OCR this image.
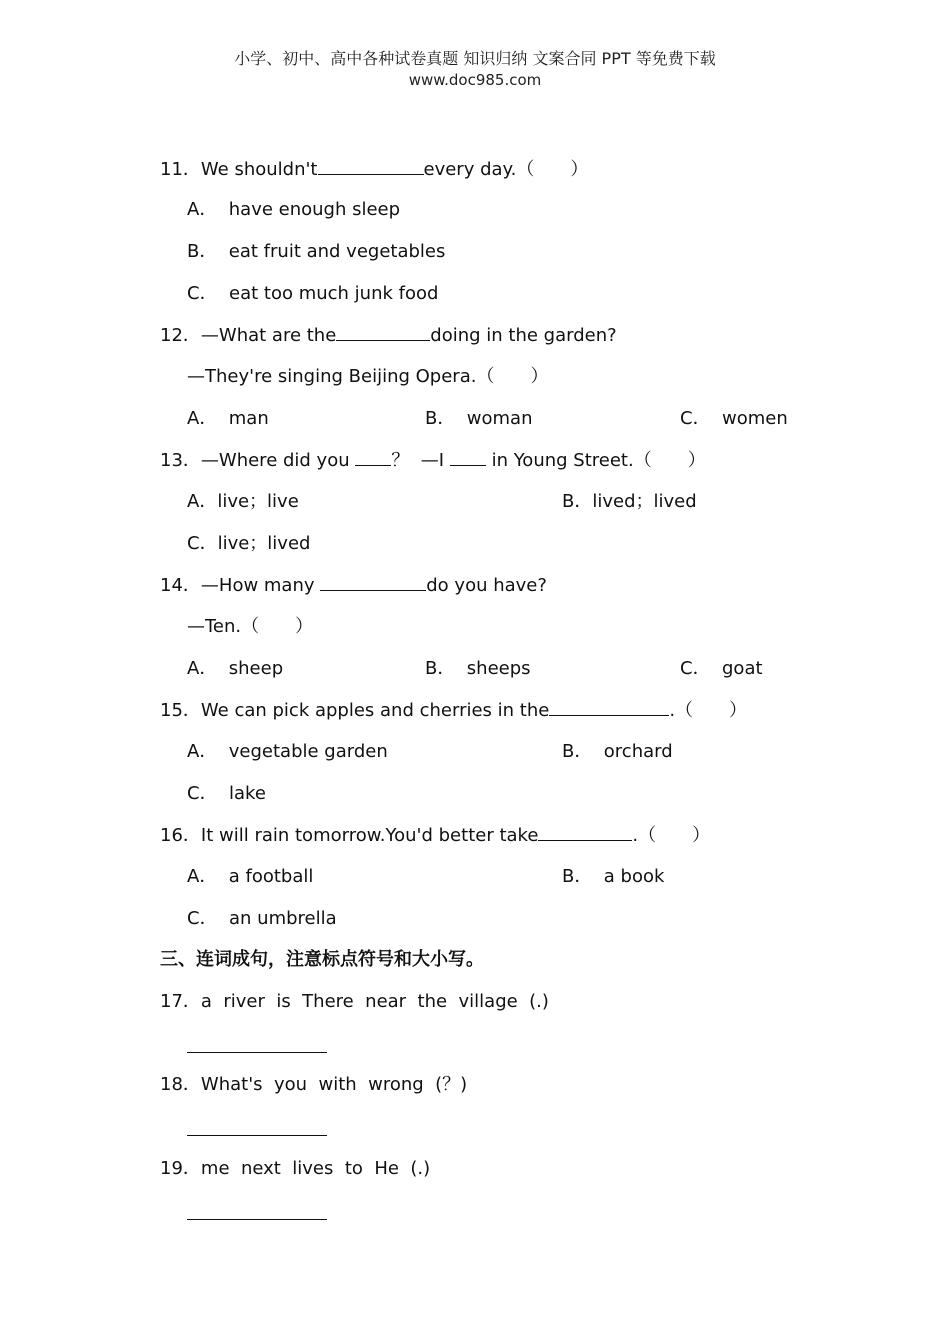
小学、初中、高中各种试卷真题 知识归纳 文案合同 PPT 等免费下载
www.doc985.com
11．We shouldn't	every day.（　　）
A．  have enough sleep
B．  eat fruit and vegetables
C．  eat too much junk food
12．—What are the	doing in the garden?
—They're singing Beijing Opera.（　　）
A．  man	B．  woman	C．  women
13．—Where did you ？  —I  in Young Street.（　　）
A．live；live	B．lived；lived
C．live；lived
14．—How many	do you have?
—Ten.（　　）
A．  sheep	B．  sheeps	C．  goat
15．We can pick apples and cherries in the	.（　　）
A．  vegetable garden	B．  orchard
C．  lake
16．It will rain tomorrow.You'd better take	.（　　）
A．  a football	B．  a book
C．  an umbrella
三、连词成句，注意标点符号和大小写。
17．a  river  is  There  near  the  village  (.)
18．What's  you  with  wrong  (？)
19．me  next  lives  to  He  (.)
